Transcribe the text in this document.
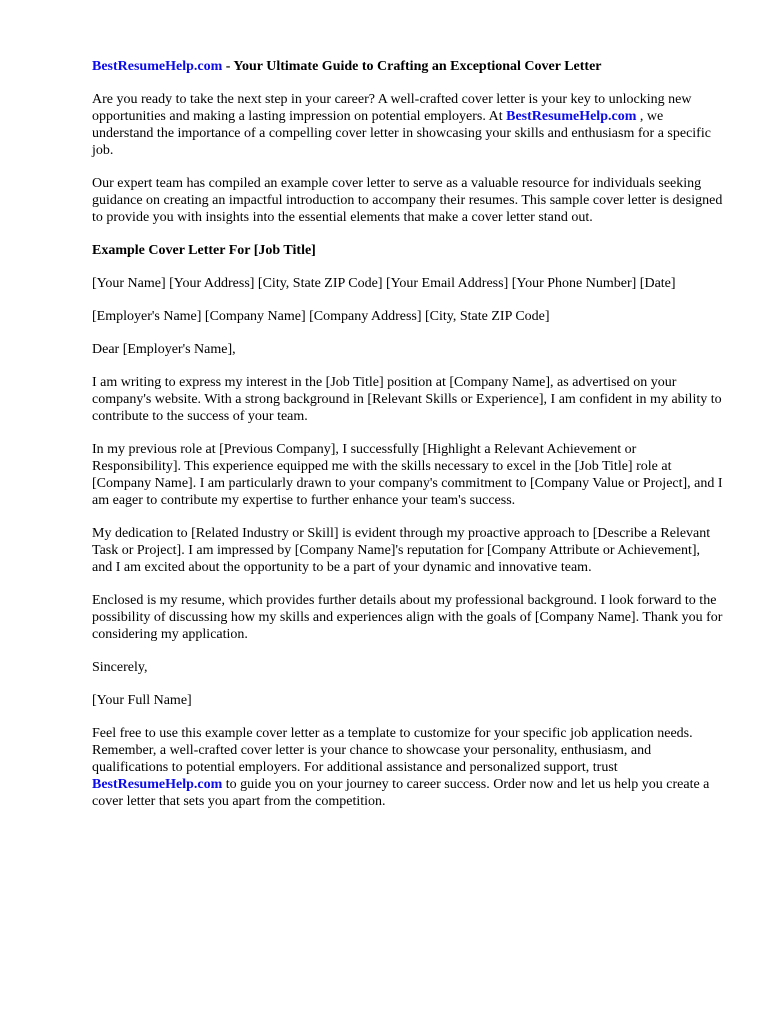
BestResumeHelp.com - Your Ultimate Guide to Crafting an Exceptional Cover Letter

Are you ready to take the next step in your career? A well-crafted cover letter is your key to unlocking new opportunities and making a lasting impression on potential employers. At BestResumeHelp.com , we understand the importance of a compelling cover letter in showcasing your skills and enthusiasm for a specific job.

Our expert team has compiled an example cover letter to serve as a valuable resource for individuals seeking guidance on creating an impactful introduction to accompany their resumes. This sample cover letter is designed to provide you with insights into the essential elements that make a cover letter stand out.

Example Cover Letter For [Job Title]

[Your Name] [Your Address] [City, State ZIP Code] [Your Email Address] [Your Phone Number] [Date]

[Employer's Name] [Company Name] [Company Address] [City, State ZIP Code]

Dear [Employer's Name],

I am writing to express my interest in the [Job Title] position at [Company Name], as advertised on your company's website. With a strong background in [Relevant Skills or Experience], I am confident in my ability to contribute to the success of your team.

In my previous role at [Previous Company], I successfully [Highlight a Relevant Achievement or Responsibility]. This experience equipped me with the skills necessary to excel in the [Job Title] role at [Company Name]. I am particularly drawn to your company's commitment to [Company Value or Project], and I am eager to contribute my expertise to further enhance your team's success.

My dedication to [Related Industry or Skill] is evident through my proactive approach to [Describe a Relevant Task or Project]. I am impressed by [Company Name]'s reputation for [Company Attribute or Achievement], and I am excited about the opportunity to be a part of your dynamic and innovative team.

Enclosed is my resume, which provides further details about my professional background. I look forward to the possibility of discussing how my skills and experiences align with the goals of [Company Name]. Thank you for considering my application.

Sincerely,

[Your Full Name]

Feel free to use this example cover letter as a template to customize for your specific job application needs. Remember, a well-crafted cover letter is your chance to showcase your personality, enthusiasm, and qualifications to potential employers. For additional assistance and personalized support, trust BestResumeHelp.com to guide you on your journey to career success. Order now and let us help you create a cover letter that sets you apart from the competition.
